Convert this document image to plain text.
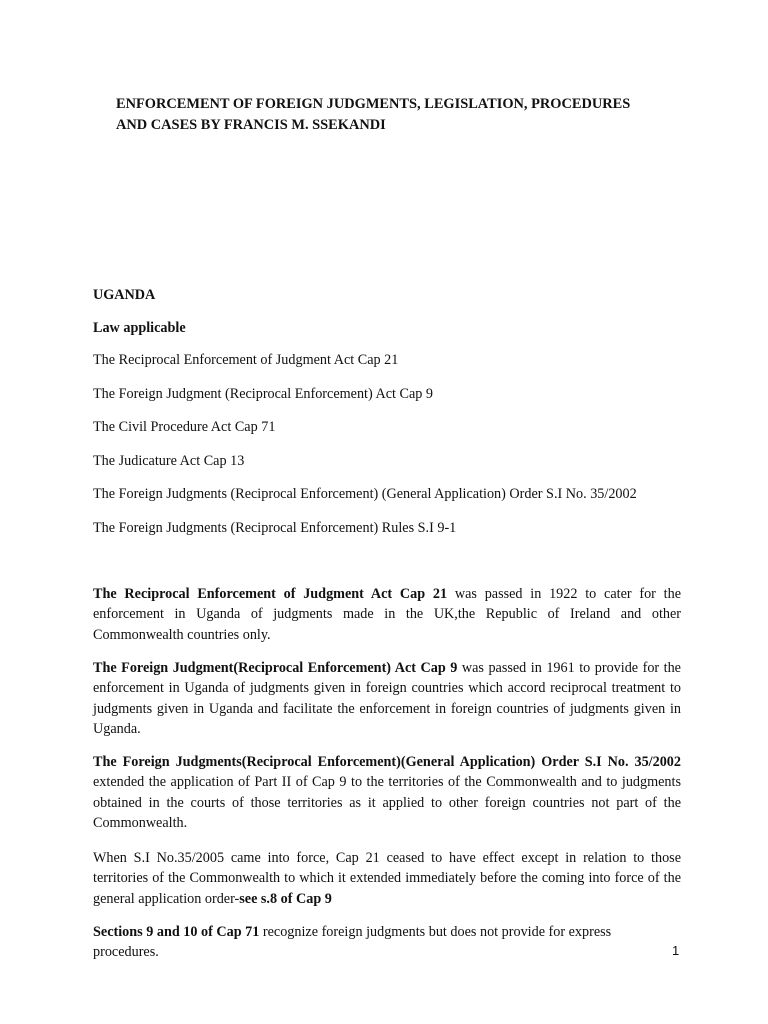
ENFORCEMENT OF FOREIGN JUDGMENTS, LEGISLATION, PROCEDURES
AND CASES BY FRANCIS M. SSEKANDI

UGANDA

Law applicable

The Reciprocal Enforcement of Judgment Act Cap 21
The Foreign Judgment (Reciprocal Enforcement) Act Cap 9
The Civil Procedure Act Cap 71
The Judicature Act Cap 13
The Foreign Judgments (Reciprocal Enforcement) (General Application) Order S.I No. 35/2002
The Foreign Judgments (Reciprocal Enforcement) Rules S.I 9-1

The Reciprocal Enforcement of Judgment Act Cap 21 was passed in 1922 to cater for the enforcement in Uganda of judgments made in the UK,the Republic of Ireland and other Commonwealth countries only.

The Foreign Judgment(Reciprocal Enforcement) Act Cap 9 was passed in 1961 to provide for the enforcement in Uganda of judgments given in foreign countries which accord reciprocal treatment to judgments given in Uganda and facilitate the enforcement in foreign countries of judgments given in Uganda.

The Foreign Judgments(Reciprocal Enforcement)(General Application) Order S.I No. 35/2002 extended the application of Part II of Cap 9 to the territories of the Commonwealth and to judgments obtained in the courts of those territories as it applied to other foreign countries not part of the Commonwealth.

When S.I No.35/2005 came into force, Cap 21 ceased to have effect except in relation to those territories of the Commonwealth to which it extended immediately before the coming into force of the general application order-see s.8 of Cap 9

Sections 9 and 10 of Cap 71 recognize foreign judgments but does not provide for express procedures.	1
